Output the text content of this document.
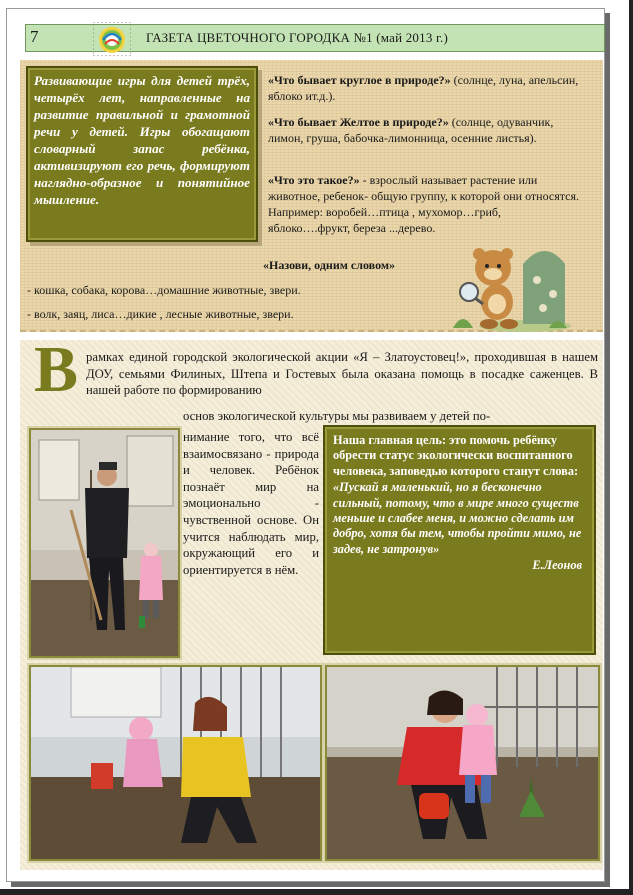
7	ГАЗЕТА ЦВЕТОЧНОГО ГОРОДКА №1 (май 2013 г.)
Развивающие игры для детей трёх, четырёх лет, направленные на развитие правильной и грамотной речи у детей. Игры обогащают словарный запас ребёнка, активизируют его речь, формируют наглядно-образное и понятийное мышление.
«Что бывает круглое в природе?» (солнце, луна, апельсин, яблоко ит.д.).
«Что бывает Желтое в природе?» (солнце, одуванчик, лимон, груша, бабочка-лимонница, осенние листья).
«Что это такое?» - взрослый называет растение или животное, ребенок- общую группу, к которой они относятся. Например: воробей…птица , мухомор…гриб, яблоко….фрукт, береза ...дерево.
«Назови, одним словом»
- кошка, собака, корова…домашние животные, звери.
- волк, заяц, лиса…дикие , лесные животные, звери.
В рамках единой городской экологической акции «Я – Златоустовец!», проходившая в нашем ДОУ, семьями Филиных, Штепа и Гостевых была оказана помощь в посадке саженцев. В нашей работе по формированию
основ экологической культуры мы развиваем у детей по-
нимание того, что всё взаимосвязано - природа и человек. Ребёнок познаёт мир на эмоционально - чувственной основе. Он учится наблюдать мир, окружающий его и ориентируется в нём.
Наша главная цель: это помочь ребёнку обрести статус экологически воспитанного человека, заповедью которого станут слова:
«Пускай я маленький, но я бесконечно сильный, потому, что в мире много существ меньше и слабее меня, и можно сделать им добро, хотя бы тем, чтобы пройти мимо, не задев, не затронув»
Е.Леонов
